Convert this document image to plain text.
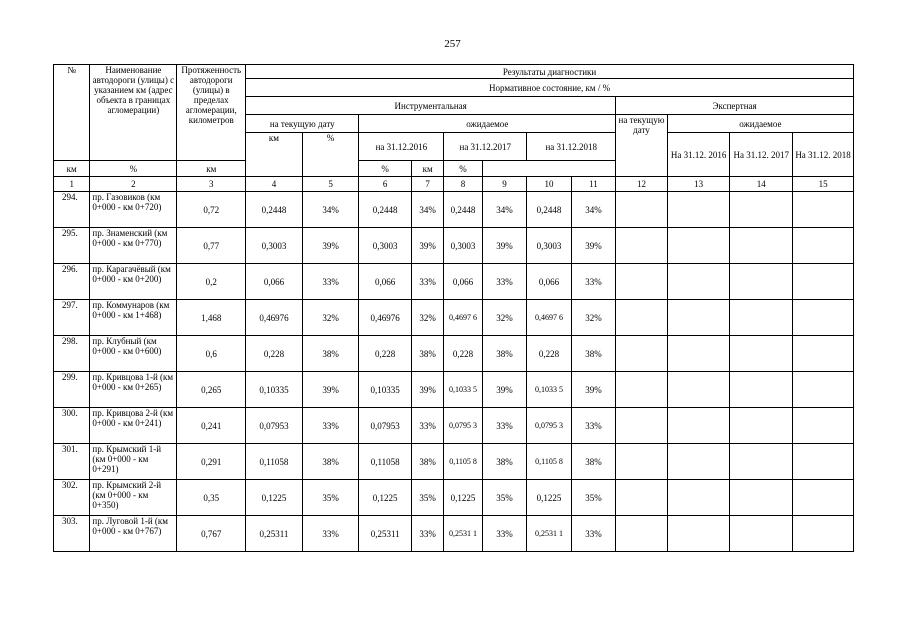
257
№	Наименование автодороги (улицы) с указанием км (адрес объекта в границах агломерации)	Протяженность автодороги (улицы) в пределах агломерации, километров	Результаты диагностики											
			Нормативное состояние, км / %											
			Инструментальная								Экспертная			
			на текущую дату		ожидаемое						на текущую дату	ожидаемое		
			км	%	на 31.12.2016		на 31.12.2017		на 31.12.2018			На 31.12. 2016	На 31.12. 2017	На 31.12. 2018
км	%	км			%	км	%							
1	2	3	4	5	6	7	8	9	10	11	12	13	14	15
294.	пр. Газовиков (км 0+000 - км 0+720)	0,72	0,2448	34%	0,2448	34%	0,2448	34%	0,2448	34%				
295.	пр. Знаменский (км 0+000 - км 0+770)	0,77	0,3003	39%	0,3003	39%	0,3003	39%	0,3003	39%				
296.	пр. Карагачёвый (км 0+000 - км 0+200)	0,2	0,066	33%	0,066	33%	0,066	33%	0,066	33%				
297.	пр. Коммунаров (км 0+000 - км 1+468)	1,468	0,46976	32%	0,46976	32%	0,4697 6	32%	0,4697 6	32%				
298.	пр. Клубный (км 0+000 - км 0+600)	0,6	0,228	38%	0,228	38%	0,228	38%	0,228	38%				
299.	пр. Кривцова 1-й (км 0+000 - км 0+265)	0,265	0,10335	39%	0,10335	39%	0,1033 5	39%	0,1033 5	39%				
300.	пр. Кривцова 2-й (км 0+000 - км 0+241)	0,241	0,07953	33%	0,07953	33%	0,0795 3	33%	0,0795 3	33%				
301.	пр. Крымский 1-й (км 0+000 - км 0+291)	0,291	0,11058	38%	0,11058	38%	0,1105 8	38%	0,1105 8	38%				
302.	пр. Крымский 2-й (км 0+000 - км 0+350)	0,35	0,1225	35%	0,1225	35%	0,1225	35%	0,1225	35%				
303.	пр. Луговой 1-й (км 0+000 - км 0+767)	0,767	0,25311	33%	0,25311	33%	0,2531 1	33%	0,2531 1	33%				
